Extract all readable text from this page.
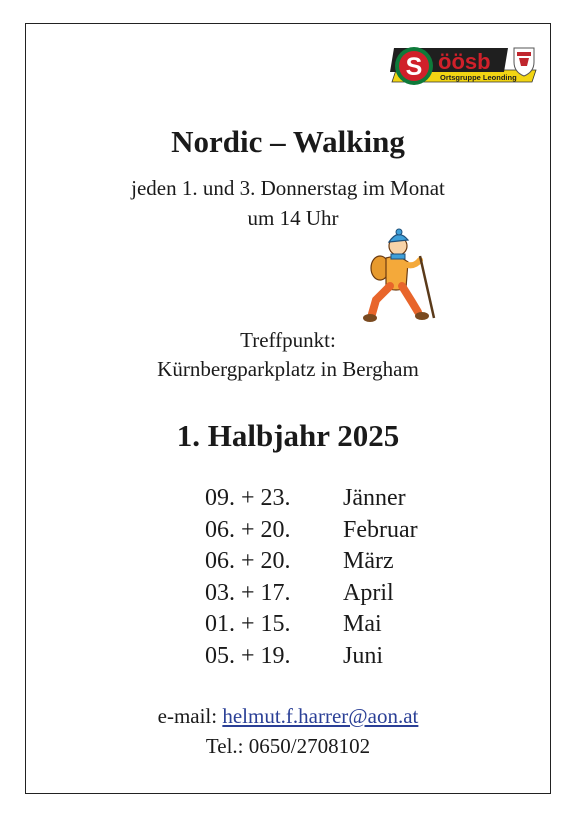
S öösb
Ortsgruppe Leonding
Nordic – Walking
jeden 1. und 3. Donnerstag im Monat
um 14 Uhr
Treffpunkt:
Kürnbergparkplatz in Bergham
1. Halbjahr 2025
09. + 23. Jänner
06. + 20. Februar
06. + 20. März
03. + 17. April
01. + 15. Mai
05. + 19. Juni
e-mail: helmut.f.harrer@aon.at
Tel.: 0650/2708102
